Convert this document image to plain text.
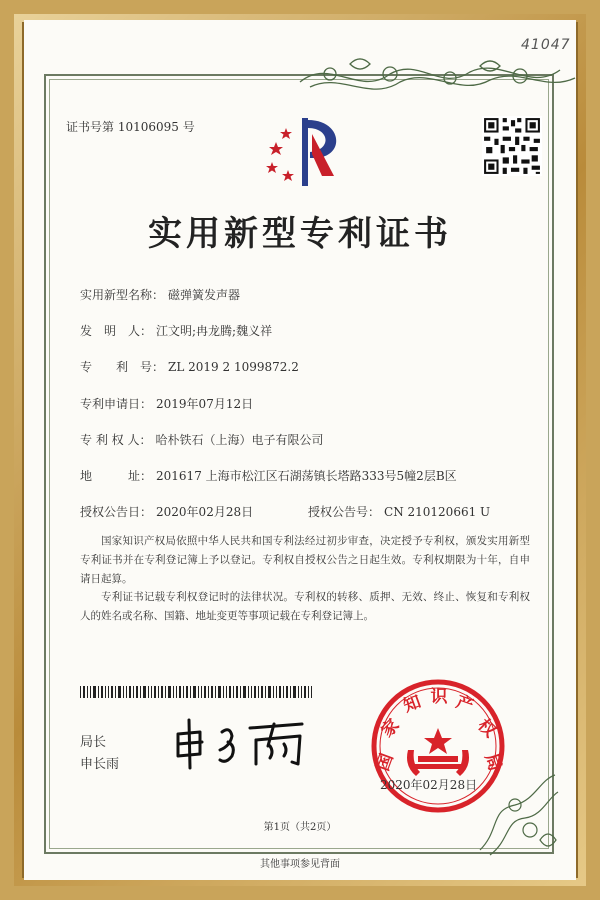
41047
证书号第 10106095 号
实用新型专利证书
实用新型名称： 磁弹簧发声器
发　明　人： 江文明;冉龙腾;魏义祥
专　　利　号： ZL 2019 2 1099872.2
专利申请日： 2019年07月12日
专 利 权 人： 哈朴铁石（上海）电子有限公司
地　　　址： 201617 上海市松江区石湖荡镇长塔路333号5幢2层B区
授权公告日： 2020年02月28日	授权公告号： CN 210120661 U
国家知识产权局依照中华人民共和国专利法经过初步审查，决定授予专利权，颁发实用新型专利证书并在专利登记簿上予以登记。专利权自授权公告之日起生效。专利权期限为十年，自申请日起算。
专利证书记载专利权登记时的法律状况。专利权的转移、质押、无效、终止、恢复和专利权人的姓名或名称、国籍、地址变更等事项记载在专利登记簿上。
局长
申长雨	国
家
知 识 产
权
局
2020年02月28日
第1页（共2页）
其他事项参见背面
